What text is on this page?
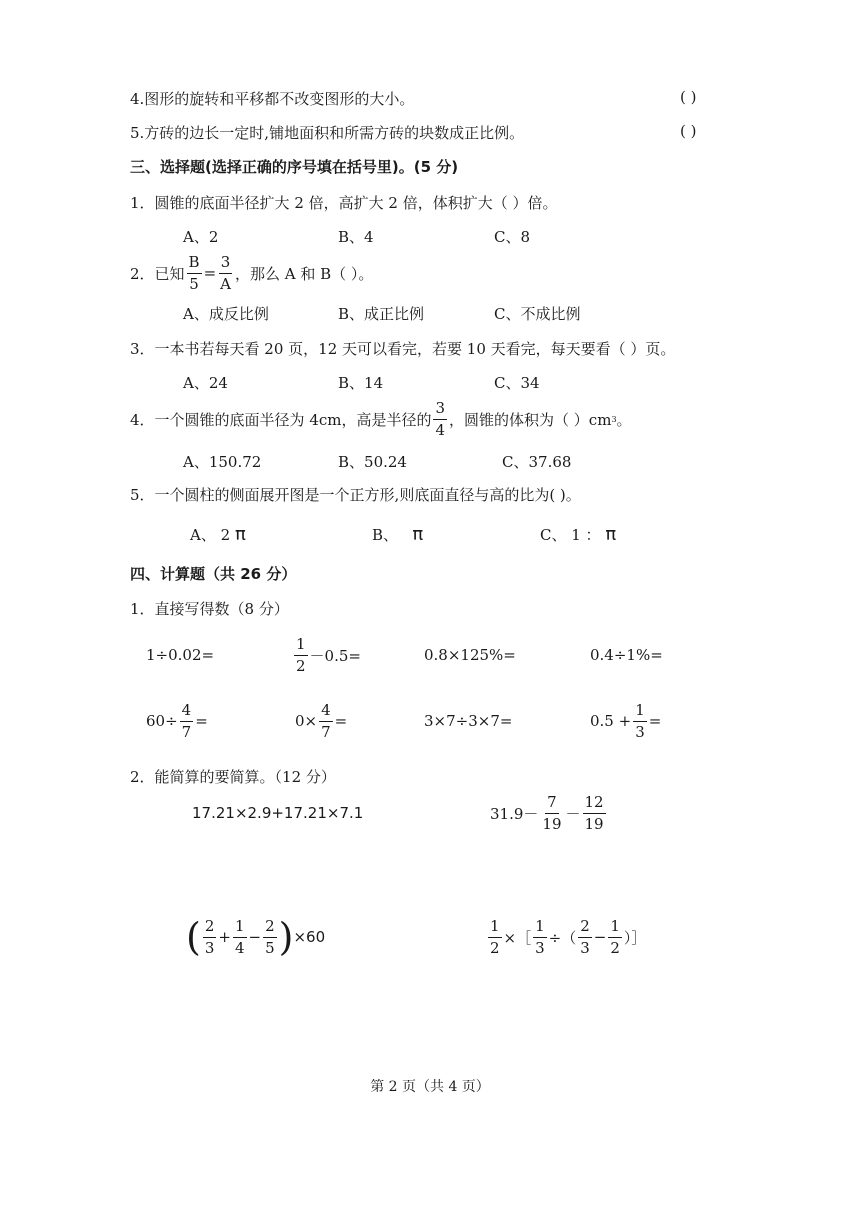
4.图形的旋转和平移都不改变图形的大小。	( )
5.方砖的边长一定时,铺地面积和所需方砖的块数成正比例。	( )
三、选择题(选择正确的序号填在括号里)。(5 分)
1．圆锥的底面半径扩大 2 倍，高扩大 2 倍，体积扩大（ ）倍。
A、2	B、4	C、8
2．已知 $\frac{B}{5} = \frac{3}{A}$ ，那么 A 和 B（ ）。
A、成反比例	B、成正比例	C、不成比例
3．一本书若每天看 20 页，12 天可以看完，若要 10 天看完，每天要看（ ）页。
A、24	B、14	C、34
4．一个圆锥的底面半径为 4cm，高是半径的 $\frac{3}{4}$ ，圆锥的体积为（ ）cm 3 。
A、150.72	B、50.24	C、37.68
5．一个圆柱的侧面展开图是一个正方形,则底面直径与高的比为( )。
A、 2 π	B、 π	C、 1 ： π
四、计算题（共 26 分）
1．直接写得数（8 分）
1÷0.02=	$\frac{1}{2} -0.5=$	0.8×125%=	0.4÷1%=
$60\div \frac{4}{7}$ =	$0\times \frac{4}{7}$ =	3×7÷3×7=	$0.5 + \frac{1}{3}$ =
2．能简算的要简算。（12 分）
17.21×2.9+17.21×7.1	$31.9- \frac{7}{19} - \frac{12}{19}$
( $\frac{2}{3} + \frac{1}{4} - \frac{2}{5}$ ) ×60	$\frac{1}{2}$ ×［ $\frac{1}{3}$ ÷（ $\frac{2}{3} - \frac{1}{2}$ ）］
第 2 页（共 4 页）
